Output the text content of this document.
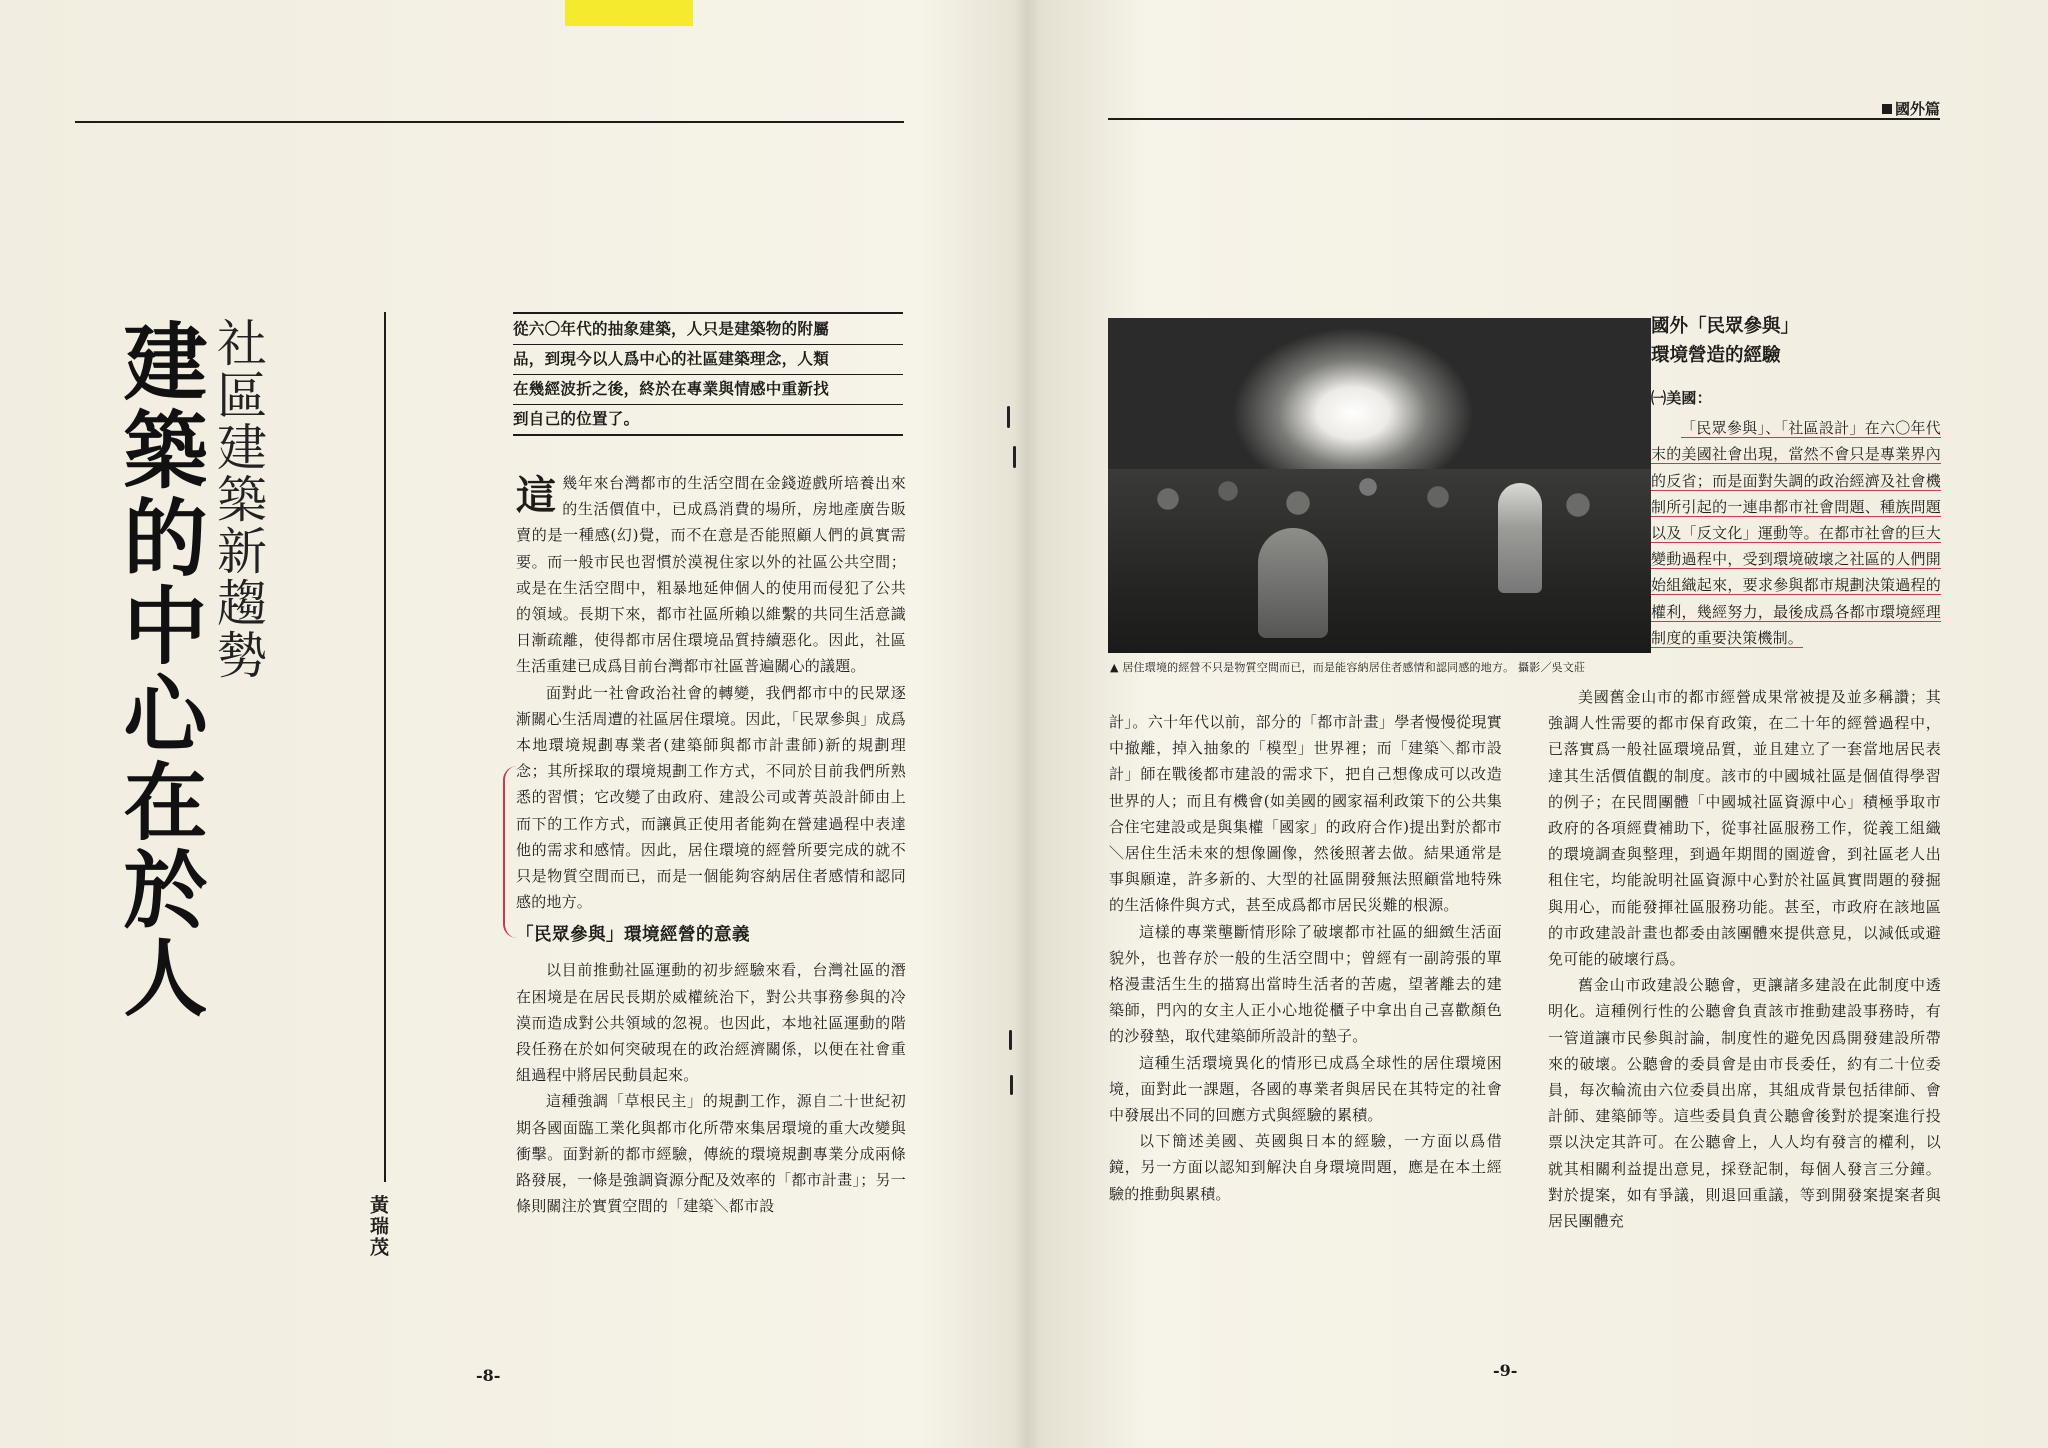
國外篇
建築的中心在於人 社區建築新趨勢
黃瑞茂

從六〇年代的抽象建築，人只是建築物的附屬

品，到現今以人爲中心的社區建築理念，人類

在幾經波折之後，終於在專業與情感中重新找

到自己的位置了。

這幾年來台灣都市的生活空間在金錢遊戲所培養出來的生活價值中，已成爲消費的場所，房地產廣告販賣的是一種感(幻)覺，而不在意是否能照顧人們的眞實需要。而一般市民也習慣於漠視住家以外的社區公共空間；或是在生活空間中，粗暴地延伸個人的使用而侵犯了公共的領域。長期下來，都市社區所賴以維繫的共同生活意識日漸疏離，使得都市居住環境品質持續惡化。因此，社區生活重建已成爲目前台灣都市社區普遍關心的議題。

面對此一社會政治社會的轉變，我們都市中的民眾逐漸關心生活周遭的社區居住環境。因此，「民眾參與」成爲本地環境規劃專業者(建築師與都市計畫師)新的規劃理念；其所採取的環境規劃工作方式，不同於目前我們所熟悉的習慣；它改變了由政府、建設公司或菁英設計師由上而下的工作方式，而讓眞正使用者能夠在營建過程中表達他的需求和感情。因此，居住環境的經營所要完成的就不只是物質空間而已，而是一個能夠容納居住者感情和認同感的地方。

「民眾參與」環境經營的意義

以目前推動社區運動的初步經驗來看，台灣社區的潛在困境是在居民長期於威權統治下，對公共事務參與的冷漠而造成對公共領域的忽視。也因此，本地社區運動的階段任務在於如何突破現在的政治經濟關係，以便在社會重組過程中將居民動員起來。

這種強調「草根民主」的規劃工作，源自二十世紀初期各國面臨工業化與都市化所帶來集居環境的重大改變與衝擊。面對新的都市經驗，傳統的環境規劃專業分成兩條路發展，一條是強調資源分配及效率的「都市計畫」；另一條則關注於實質空間的「建築＼都市設

▲ 居住環境的經營不只是物質空間而已，而是能容納居住者感情和認同感的地方。 攝影／吳文莊

計」。六十年代以前，部分的「都市計畫」學者慢慢從現實中撤離，掉入抽象的「模型」世界裡；而「建築＼都市設計」師在戰後都市建設的需求下，把自己想像成可以改造世界的人；而且有機會(如美國的國家福利政策下的公共集合住宅建設或是與集權「國家」的政府合作)提出對於都市＼居住生活未來的想像圖像，然後照著去做。結果通常是事與願違，許多新的、大型的社區開發無法照顧當地特殊的生活條件與方式，甚至成爲都市居民災難的根源。

這樣的專業壟斷情形除了破壞都市社區的細緻生活面貌外，也普存於一般的生活空間中；曾經有一副誇張的單格漫畫活生生的描寫出當時生活者的苦處，望著離去的建築師，門內的女主人正小心地從櫃子中拿出自己喜歡顏色的沙發墊，取代建築師所設計的墊子。

這種生活環境異化的情形已成爲全球性的居住環境困境，面對此一課題，各國的專業者與居民在其特定的社會中發展出不同的回應方式與經驗的累積。

以下簡述美國、英國與日本的經驗，一方面以爲借鏡，另一方面以認知到解決自身環境問題，應是在本土經驗的推動與累積。

國外「民眾參與」
環境營造的經驗

㈠美國：

「民眾參與」、「社區設計」在六〇年代末的美國社會出現，當然不會只是專業界內的反省；而是面對失調的政治經濟及社會機制所引起的一連串都市社會問題、種族問題以及「反文化」運動等。在都市社會的巨大變動過程中，受到環境破壞之社區的人們開始組織起來，要求參與都市規劃決策過程的權利，幾經努力，最後成爲各都市環境經理制度的重要決策機制。

美國舊金山市的都市經營成果常被提及並多稱讚；其強調人性需要的都市保育政策，在二十年的經營過程中，已落實爲一般社區環境品質，並且建立了一套當地居民表達其生活價值觀的制度。該市的中國城社區是個值得學習的例子；在民間團體「中國城社區資源中心」積極爭取市政府的各項經費補助下，從事社區服務工作，從義工組織的環境調查與整理，到過年期間的園遊會，到社區老人出租住宅，均能說明社區資源中心對於社區眞實問題的發掘與用心，而能發揮社區服務功能。甚至，市政府在該地區的市政建設計畫也都委由該團體來提供意見，以減低或避免可能的破壞行爲。

舊金山市政建設公聽會，更讓諸多建設在此制度中透明化。這種例行性的公聽會負責該市推動建設事務時，有一管道讓市民參與討論，制度性的避免因爲開發建設所帶來的破壞。公聽會的委員會是由市長委任，約有二十位委員，每次輪流由六位委員出席，其組成背景包括律師、會計師、建築師等。這些委員負責公聽會後對於提案進行投票以決定其許可。在公聽會上，人人均有發言的權利，以就其相關利益提出意見，採登記制，每個人發言三分鐘。對於提案，如有爭議，則退回重議，等到開發案提案者與居民團體充

-8-	-9-
